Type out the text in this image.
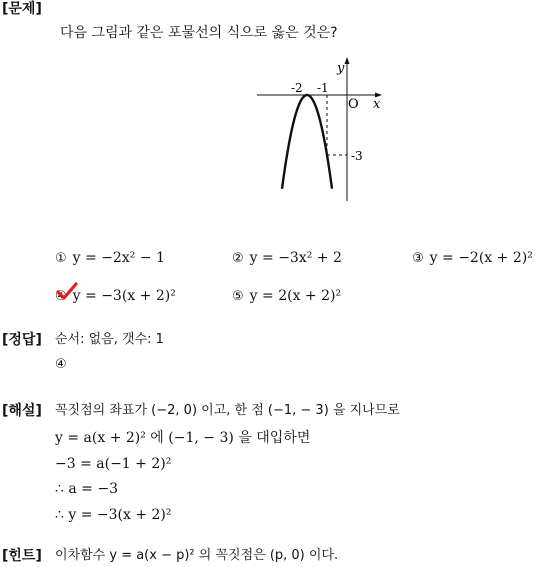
[문제]
다음 그림과 같은 포물선의 식으로 옳은 것은?
y
x
O
-2 -1
-3
① y = −2x² − 1	② y = −3x² + 2	③ y = −2(x + 2)²
④ y = −3(x + 2)²	⑤ y = 2(x + 2)²
[정답] 순서: 없음, 갯수: 1
④
[해설] 꼭짓점의 좌표가 (−2, 0) 이고, 한 점 (−1, − 3) 을 지나므로
y = a(x + 2)² 에 (−1, − 3) 을 대입하면
−3 = a(−1 + 2)²
∴ a = −3
∴ y = −3(x + 2)²
[힌트] 이차함수 y = a(x − p)² 의 꼭짓점은 (p, 0) 이다.
